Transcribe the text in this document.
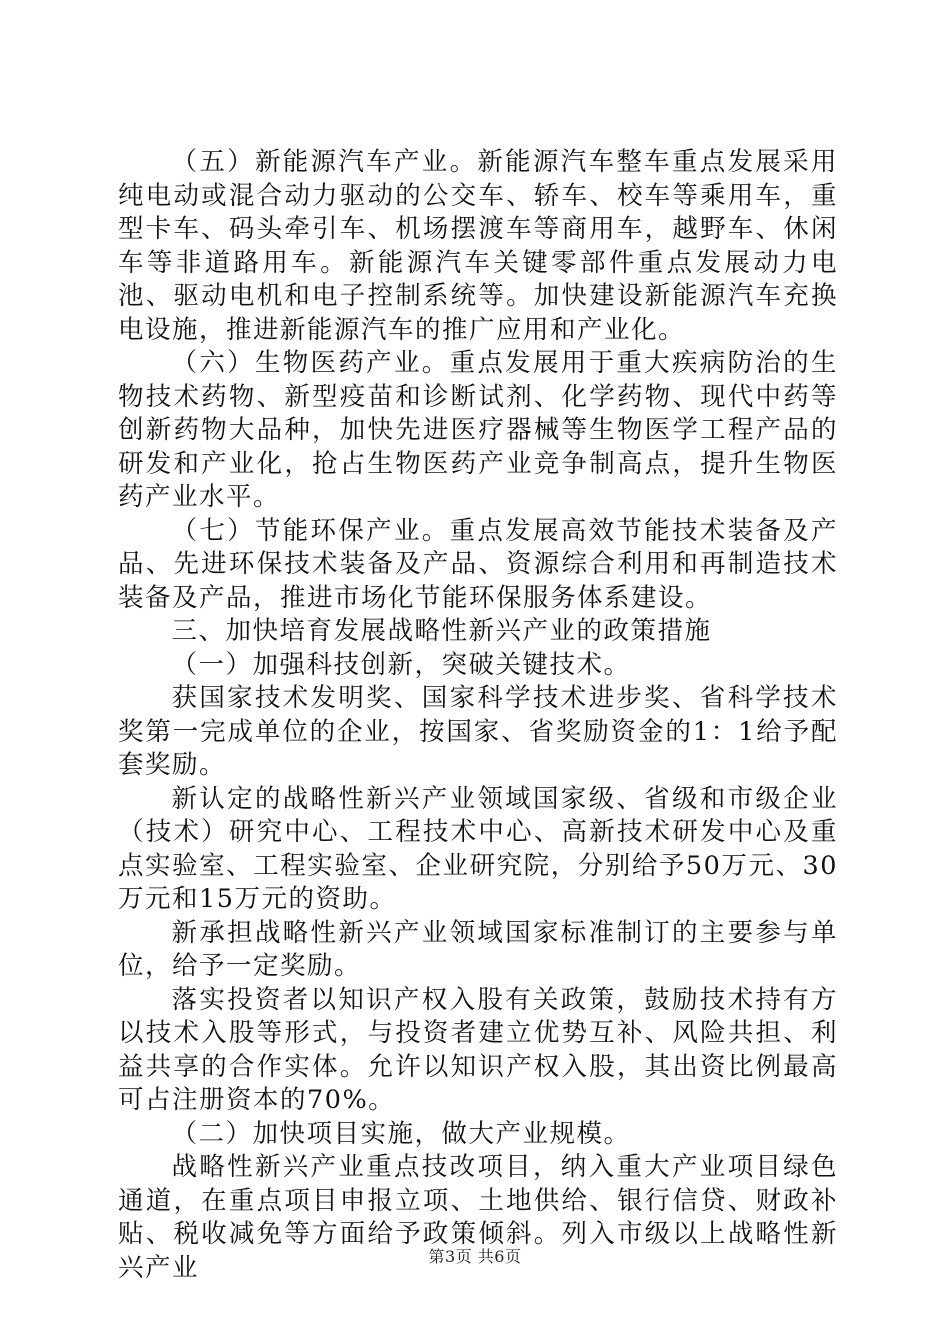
（五）新能源汽车产业。新能源汽车整车重点发展采用纯电动或混合动力驱动的公交车、轿车、校车等乘用车，重型卡车、码头牵引车、机场摆渡车等商用车，越野车、休闲车等非道路用车。新能源汽车关键零部件重点发展动力电池、驱动电机和电子控制系统等。加快建设新能源汽车充换电设施，推进新能源汽车的推广应用和产业化。

（六）生物医药产业。重点发展用于重大疾病防治的生物技术药物、新型疫苗和诊断试剂、化学药物、现代中药等创新药物大品种，加快先进医疗器械等生物医学工程产品的研发和产业化，抢占生物医药产业竞争制高点，提升生物医药产业水平。

（七）节能环保产业。重点发展高效节能技术装备及产品、先进环保技术装备及产品、资源综合利用和再制造技术装备及产品，推进市场化节能环保服务体系建设。

三、加快培育发展战略性新兴产业的政策措施

（一）加强科技创新，突破关键技术。

获国家技术发明奖、国家科学技术进步奖、省科学技术奖第一完成单位的企业，按国家、省奖励资金的1：1给予配套奖励。

新认定的战略性新兴产业领域国家级、省级和市级企业（技术）研究中心、工程技术中心、高新技术研发中心及重点实验室、工程实验室、企业研究院，分别给予50万元、30万元和15万元的资助。

新承担战略性新兴产业领域国家标准制订的主要参与单位，给予一定奖励。

落实投资者以知识产权入股有关政策，鼓励技术持有方以技术入股等形式，与投资者建立优势互补、风险共担、利益共享的合作实体。允许以知识产权入股，其出资比例最高可占注册资本的70%。

（二）加快项目实施，做大产业规模。

战略性新兴产业重点技改项目，纳入重大产业项目绿色通道，在重点项目申报立项、土地供给、银行信贷、财政补贴、税收减免等方面给予政策倾斜。列入市级以上战略性新兴产业	第3页 共6页
